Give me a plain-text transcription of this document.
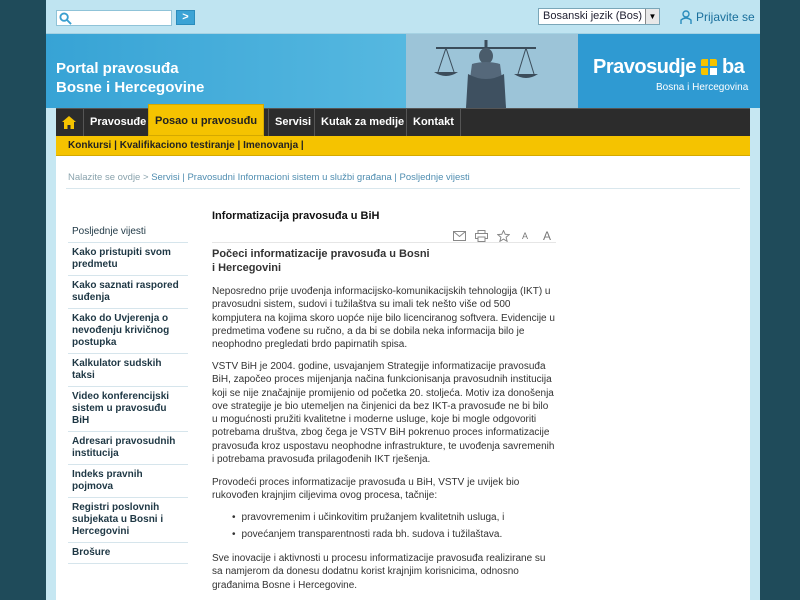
>	Bosanski jezik (Bos) ▼	Prijavite se
Portal pravosuđa
Bosne i Hercegovine
Pravosudje ba
Bosna i Hercegovina
Pravosuđe Posao u pravosuđu	Servisi Kutak za medije Kontakt
Konkursi | Kvalifikaciono testiranje | Imenovanja |
Nalazite se ovdje > Servisi | Pravosudni Informacioni sistem u službi građana | Posljednje vijesti
Posljednje vijesti
Kako pristupiti svom predmetu
Kako saznati raspored suđenja
Kako do Uvjerenja o nevođenju krivičnog postupka
Kalkulator sudskih taksi
Video konferencijski sistem u pravosuđu BiH
Adresari pravosudnih institucija
Indeks pravnih pojmova
Registri poslovnih subjekata u Bosni i Hercegovini
Brošure
Informatizacija pravosuđa u BiH
A	A
Počeci informatizacije pravosuđa u Bosni i Hercegovini
Neposredno prije uvođenja informacijsko-komunikacijskih tehnologija (IKT) u pravosudni sistem, sudovi i tužilaštva su imali tek nešto više od 500 kompjutera na kojima skoro uopće nije bilo licenciranog softvera. Evidencije u predmetima vođene su ručno, a da bi se dobila neka informacija bilo je neophodno pregledati brdo papirnatih spisa.
VSTV BiH je 2004. godine, usvajanjem Strategije informatizacije pravosuđa BiH, započeo proces mijenjanja načina funkcionisanja pravosudnih institucija koji se nije značajnije promijenio od početka 20. stoljeća. Motiv iza donošenja ove strategije je bio utemeljen na činjenici da bez IKT-a pravosuđe ne bi bilo u mogućnosti pružiti kvalitetne i moderne usluge, koje bi mogle odgovoriti potrebama društva, zbog čega je VSTV BiH pokrenuo proces informatizacije pravosuđa kroz uspostavu neophodne infrastrukture, te uvođenja savremenih i potrebama pravosuđa prilagođenih IKT rješenja.
Provodeći proces informatizacije pravosuđa u BiH, VSTV je uvijek bio rukovođen krajnjim ciljevima ovog procesa, tačnije:
• pravovremenim i učinkovitim pružanjem kvalitetnih usluga, i
• povećanjem transparentnosti rada bh. sudova i tužilaštava.
Sve inovacije i aktivnosti u procesu informatizacije pravosuđa realizirane su sa namjerom da donesu dodatnu korist krajnjim korisnicima, odnosno građanima Bosne i Hercegovine.
